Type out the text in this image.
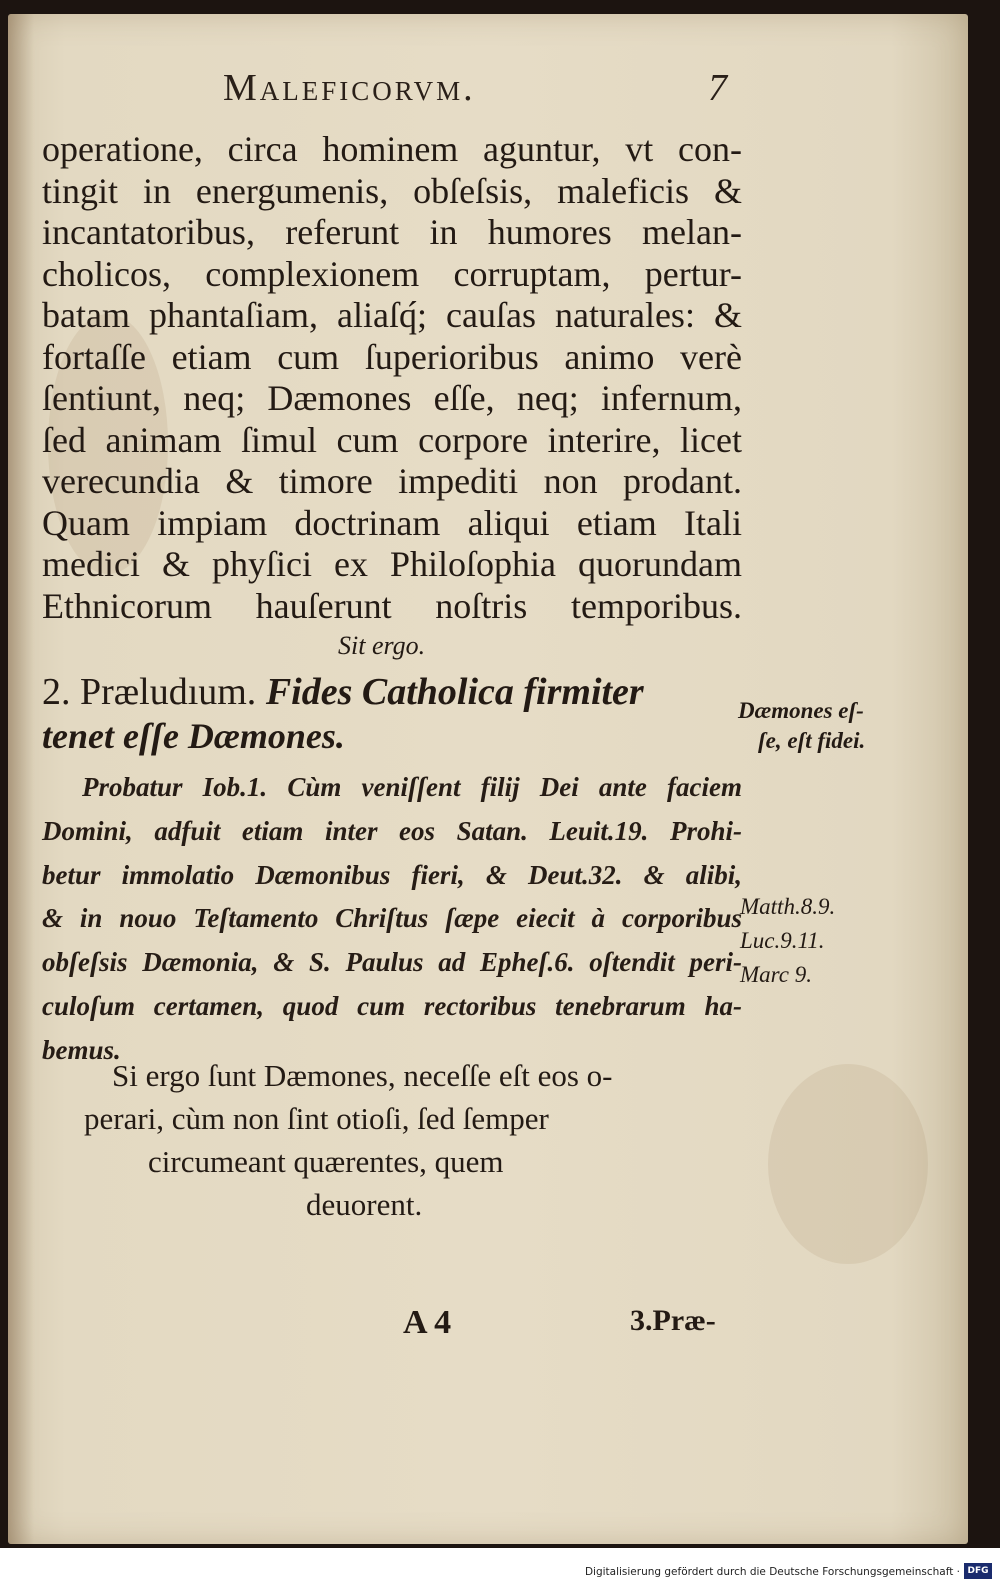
Maleficorvm.	7
operatione, circa hominem aguntur, vt con-
tingit in energumenis, obſeſsis, maleficis &
incantatoribus, referunt in humores melan-
cholicos, complexionem corruptam, pertur-
batam phantaſiam, aliaſq́; cauſas naturales: &
fortaſſe etiam cum ſuperioribus animo verè
ſentiunt, neq; Dæmones eſſe, neq; infernum,
ſed animam ſimul cum corpore interire, licet
verecundia & timore impediti non prodant.
Quam impiam doctrinam aliqui etiam Itali
medici & phyſici ex Philoſophia quorundam
Ethnicorum hauſerunt noſtris temporibus.
Sit ergo.
2. Præludıum. Fides Catholica firmiter
tenet eſſe Dæmones.
Probatur Iob.1. Cùm veniſſent filij Dei ante faciem
Domini, adfuit etiam inter eos Satan. Leuit.19. Prohi-
betur immolatio Dæmonibus fieri, & Deut.32. & alibi,
& in nouo Teſtamento Chriſtus ſæpe eiecit à corporibus
obſeſsis Dæmonia, & S. Paulus ad Epheſ.6. oſtendit peri-
culoſum certamen, quod cum rectoribus tenebrarum ha-
bemus.
Si ergo ſunt Dæmones, neceſſe eſt eos o-
perari, cùm non ſint otioſi, ſed ſemper
circumeant quærentes, quem
deuorent.
Dæmones eſ-
ſe, eſt fidei.
Matth.8.9.
Luc.9.11.
Marc 9.
A 4	3.Præ-
Digitalisierung gefördert durch die Deutsche Forschungsgemeinschaft · DFG
